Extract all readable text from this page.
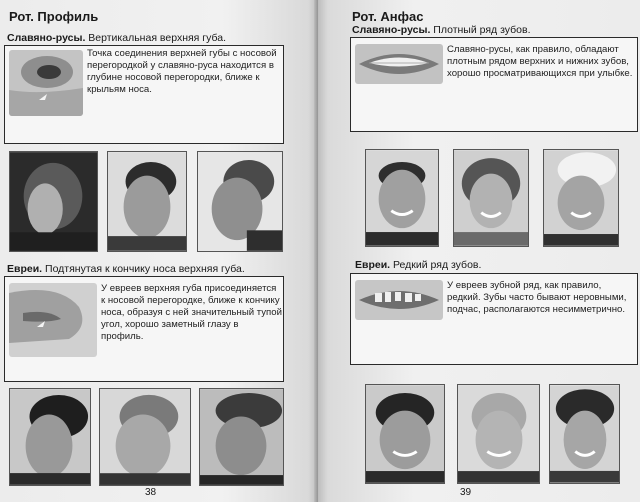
Рот. Профиль
Славяно-русы. Вертикальная верхняя губа.
Точка соединения верхней губы с носовой перегородкой у славяно-руса находится в глубине носовой перегородки, ближе к крыльям носа.
Евреи. Подтянутая к кончику носа верхняя губа.
У евреев верхняя губа присоединяется к носовой перегородке, ближе к кончику носа, образуя с ней значительный тупой угол, хорошо заметный глазу в профиль.
38
Рот. Анфас
Славяно-русы. Плотный ряд зубов.
Славяно-русы, как правило, обладают плотным рядом верхних и нижних зубов, хорошо просматривающихся при улыбке.
Евреи. Редкий ряд зубов.
У евреев зубной ряд, как правило, редкий. Зубы часто бывают неровными, подчас, располагаются несимметрично.
39
